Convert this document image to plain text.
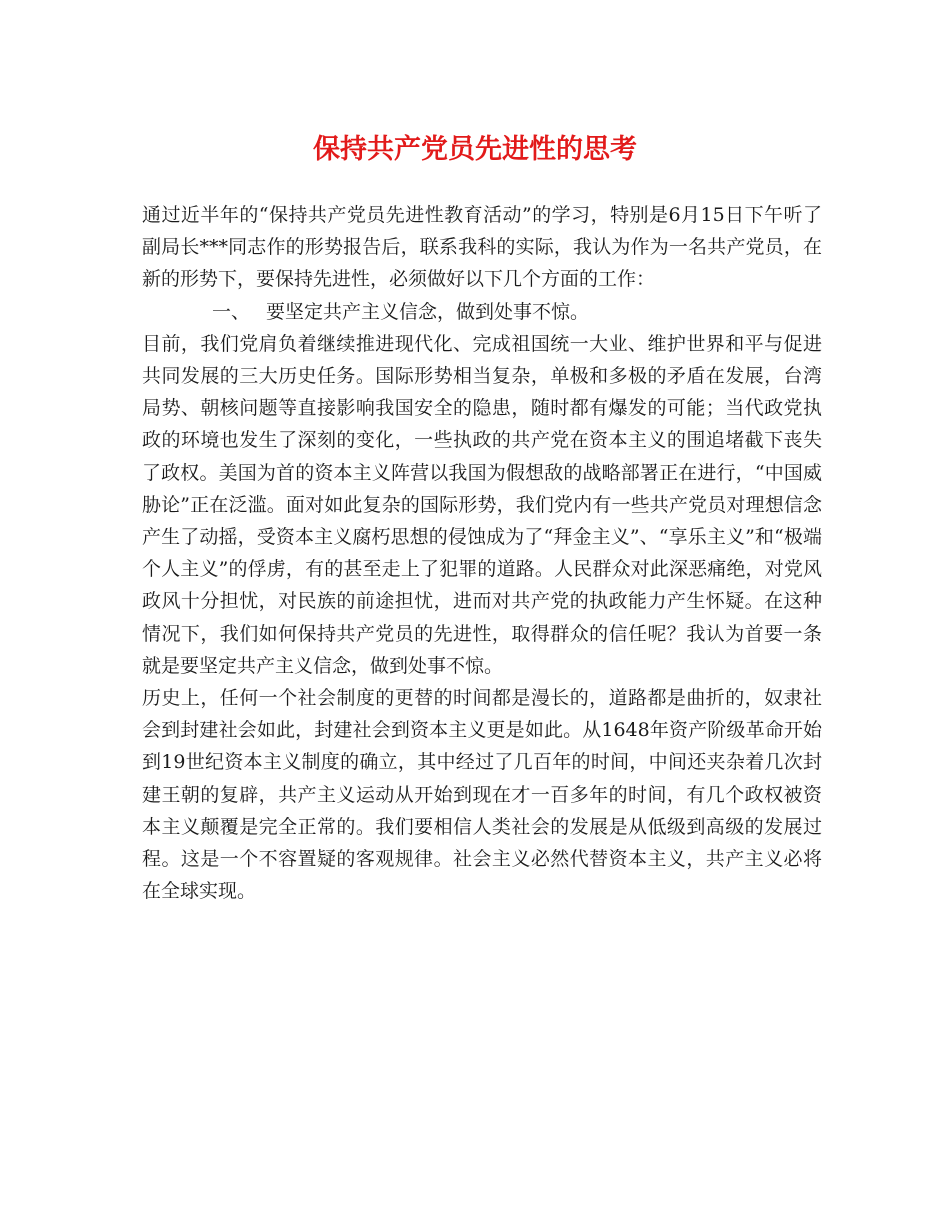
保持共产党员先进性的思考

通过近半年的“保持共产党员先进性教育活动”的学习，特别是6月15日下午听了副局长***同志作的形势报告后，联系我科的实际，我认为作为一名共产党员，在新的形势下，要保持先进性，必须做好以下几个方面的工作：

一、 要坚定共产主义信念，做到处事不惊。

目前，我们党肩负着继续推进现代化、完成祖国统一大业、维护世界和平与促进共同发展的三大历史任务。国际形势相当复杂，单极和多极的矛盾在发展，台湾局势、朝核问题等直接影响我国安全的隐患，随时都有爆发的可能；当代政党执政的环境也发生了深刻的变化，一些执政的共产党在资本主义的围追堵截下丧失了政权。美国为首的资本主义阵营以我国为假想敌的战略部署正在进行，“中国威胁论”正在泛滥。面对如此复杂的国际形势，我们党内有一些共产党员对理想信念产生了动摇，受资本主义腐朽思想的侵蚀成为了“拜金主义”、“享乐主义”和“极端个人主义”的俘虏，有的甚至走上了犯罪的道路。人民群众对此深恶痛绝，对党风政风十分担忧，对民族的前途担忧，进而对共产党的执政能力产生怀疑。在这种情况下，我们如何保持共产党员的先进性，取得群众的信任呢？我认为首要一条就是要坚定共产主义信念，做到处事不惊。

历史上，任何一个社会制度的更替的时间都是漫长的，道路都是曲折的，奴隶社会到封建社会如此，封建社会到资本主义更是如此。从1648年资产阶级革命开始到19世纪资本主义制度的确立，其中经过了几百年的时间，中间还夹杂着几次封建王朝的复辟，共产主义运动从开始到现在才一百多年的时间，有几个政权被资本主义颠覆是完全正常的。我们要相信人类社会的发展是从低级到高级的发展过程。这是一个不容置疑的客观规律。社会主义必然代替资本主义，共产主义必将在全球实现。
